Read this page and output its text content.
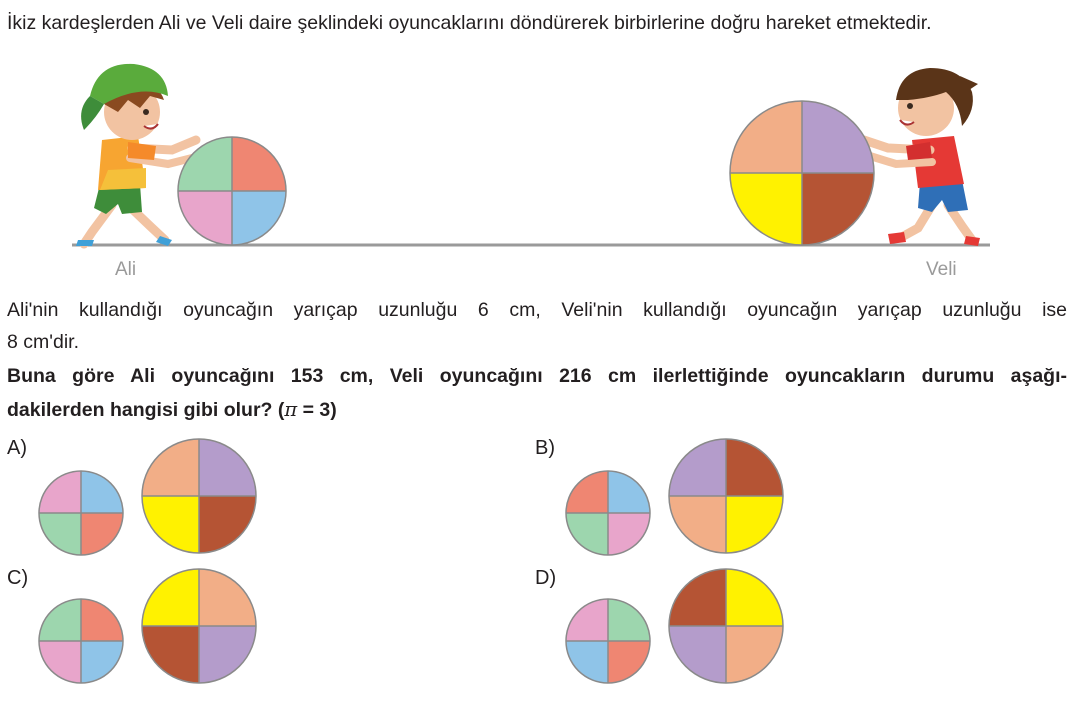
İkiz kardeşlerden Ali ve Veli daire şeklindeki oyuncaklarını döndürerek birbirlerine doğru hareket etmektedir.
Ali	Veli
Ali'nin kullandığı oyuncağın yarıçap uzunluğu 6 cm, Veli'nin kullandığı oyuncağın yarıçap uzunluğu ise
8 cm'dir.
Buna göre Ali oyuncağını 153 cm, Veli oyuncağını 216 cm ilerlettiğinde oyuncakların durumu aşağı-
dakilerden hangisi gibi olur? (π = 3)
A)	B)
C)	D)
